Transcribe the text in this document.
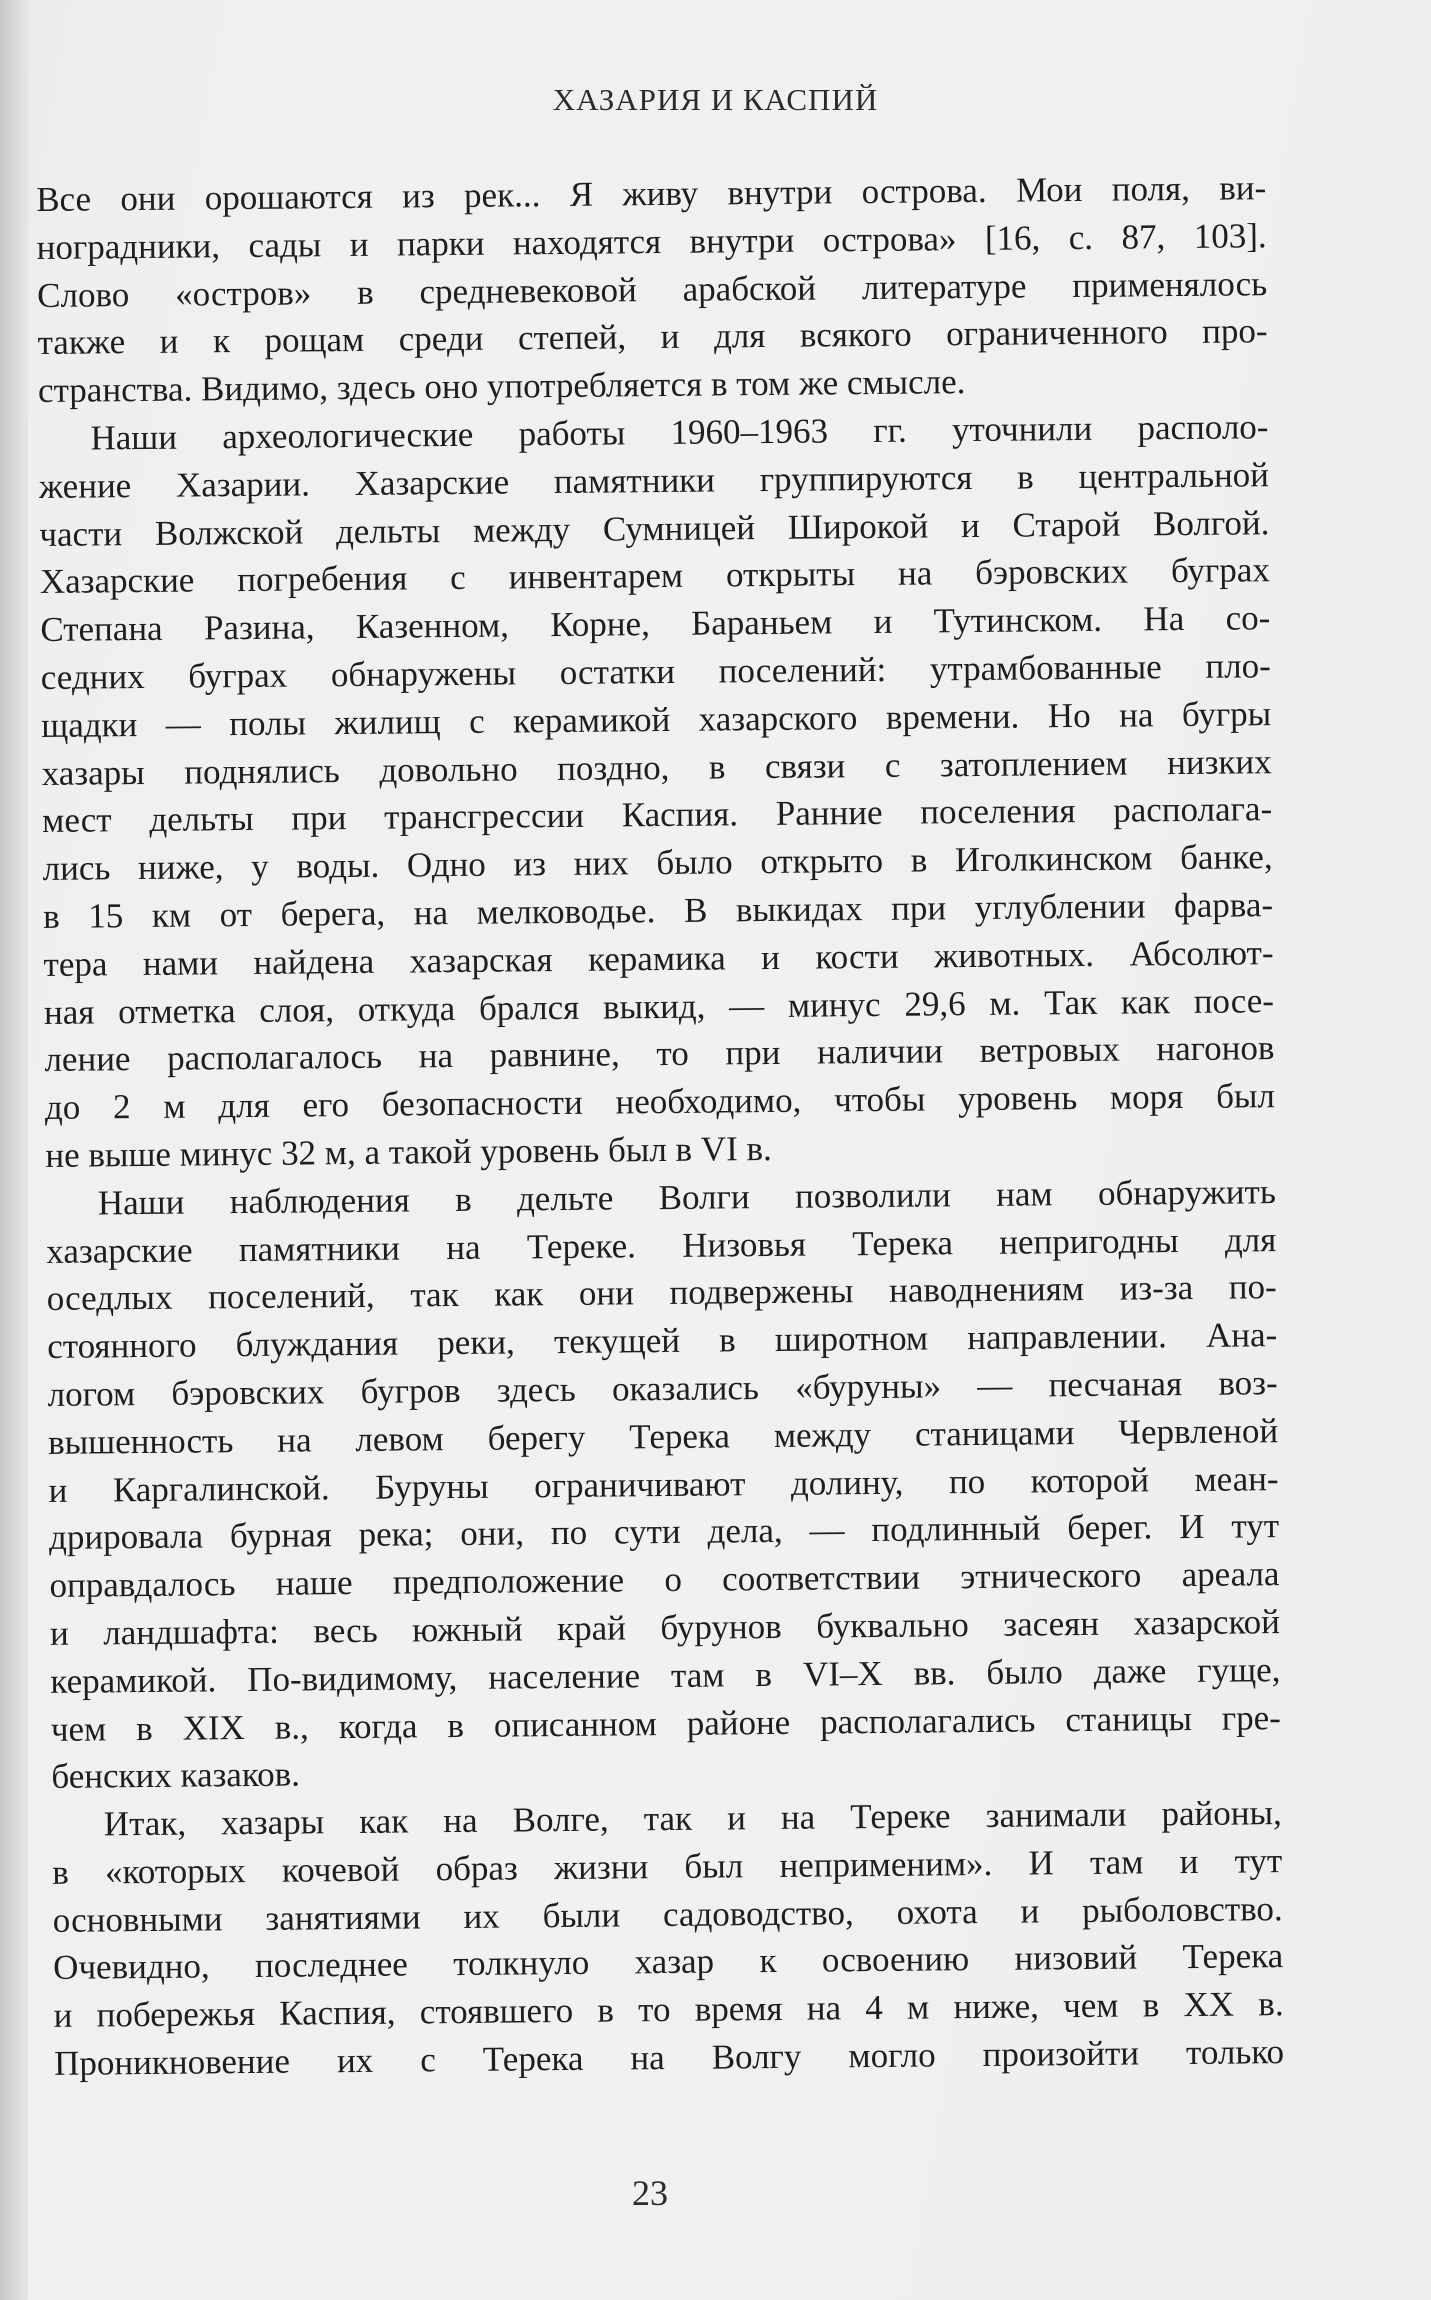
ХАЗАРИЯ И КАСПИЙ
Все они орошаются из рек... Я живу внутри острова. Мои поля, ви-
ноградники, сады и парки находятся внутри острова» [16, с. 87, 103].
Слово «остров» в средневековой арабской литературе применялось
также и к рощам среди степей, и для всякого ограниченного про-
странства. Видимо, здесь оно употребляется в том же смысле.
Наши археологические работы 1960–1963 гг. уточнили располо-
жение Хазарии. Хазарские памятники группируются в центральной
части Волжской дельты между Сумницей Широкой и Старой Волгой.
Хазарские погребения с инвентарем открыты на бэровских буграх
Степана Разина, Казенном, Корне, Бараньем и Тутинском. На со-
седних буграх обнаружены остатки поселений: утрамбованные пло-
щадки — полы жилищ с керамикой хазарского времени. Но на бугры
хазары поднялись довольно поздно, в связи с затоплением низких
мест дельты при трансгрессии Каспия. Ранние поселения располага-
лись ниже, у воды. Одно из них было открыто в Иголкинском банке,
в 15 км от берега, на мелководье. В выкидах при углублении фарва-
тера нами найдена хазарская керамика и кости животных. Абсолют-
ная отметка слоя, откуда брался выкид, — минус 29,6 м. Так как посе-
ление располагалось на равнине, то при наличии ветровых нагонов
до 2 м для его безопасности необходимо, чтобы уровень моря был
не выше минус 32 м, а такой уровень был в VI в.
Наши наблюдения в дельте Волги позволили нам обнаружить
хазарские памятники на Тереке. Низовья Терека непригодны для
оседлых поселений, так как они подвержены наводнениям из-за по-
стоянного блуждания реки, текущей в широтном направлении. Ана-
логом бэровских бугров здесь оказались «буруны» — песчаная воз-
вышенность на левом берегу Терека между станицами Червленой
и Каргалинской. Буруны ограничивают долину, по которой меан-
дрировала бурная река; они, по сути дела, — подлинный берег. И тут
оправдалось наше предположение о соответствии этнического ареала
и ландшафта: весь южный край бурунов буквально засеян хазарской
керамикой. По-видимому, население там в VI–X вв. было даже гуще,
чем в XIX в., когда в описанном районе располагались станицы гре-
бенских казаков.
Итак, хазары как на Волге, так и на Тереке занимали районы,
в «которых кочевой образ жизни был неприменим». И там и тут
основными занятиями их были садоводство, охота и рыболовство.
Очевидно, последнее толкнуло хазар к освоению низовий Терека
и побережья Каспия, стоявшего в то время на 4 м ниже, чем в XX в.
Проникновение их с Терека на Волгу могло произойти только
23
